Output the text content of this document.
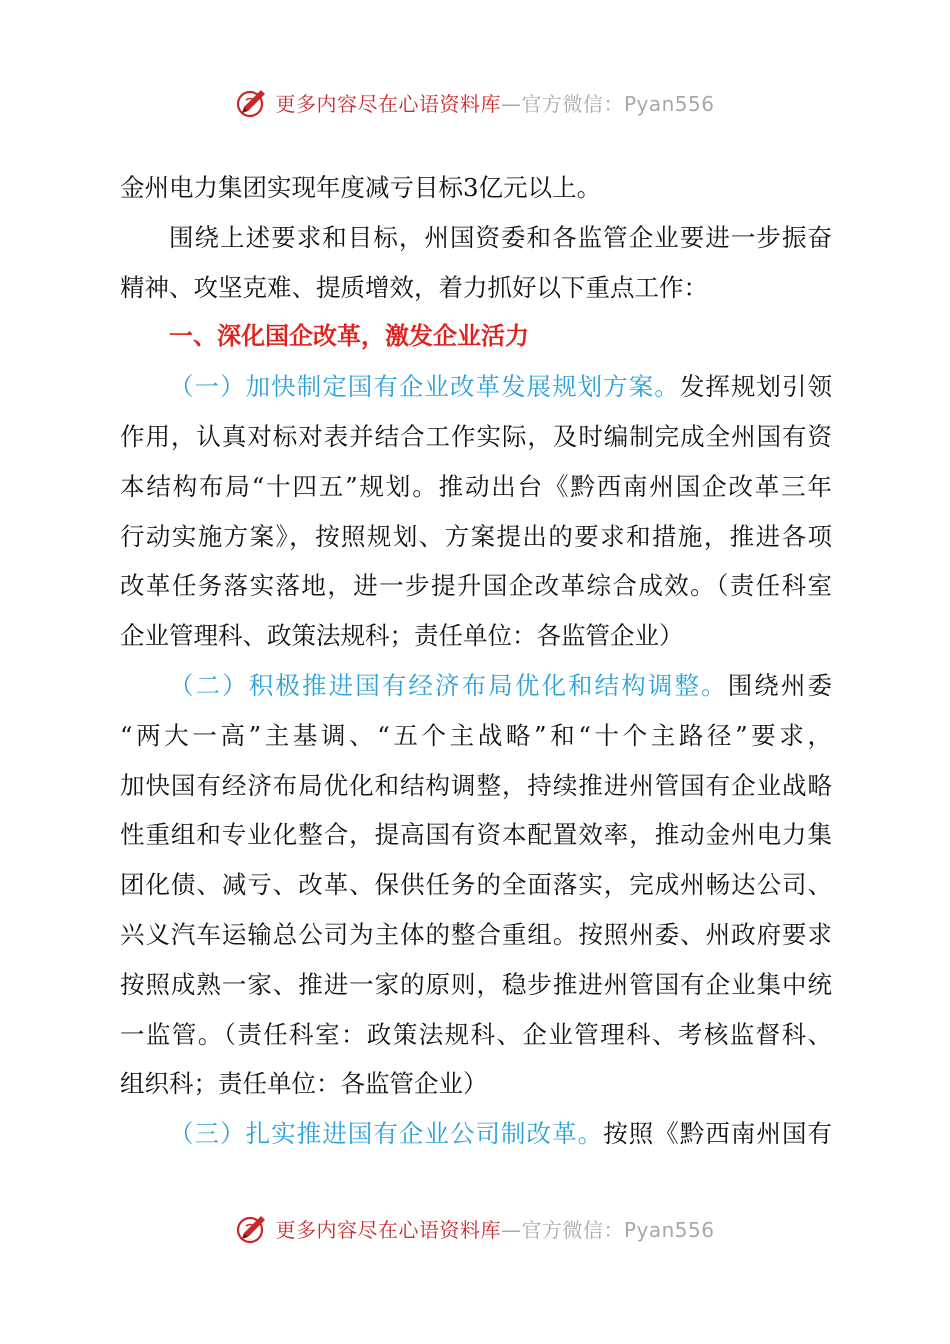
更多内容尽在心语资料库—官方微信：Pyan556
金州电力集团实现年度减亏目标3亿元以上。
围绕上述要求和目标，州国资委和各监管企业要进一步振奋
精神、攻坚克难、提质增效，着力抓好以下重点工作：
一、深化国企改革，激发企业活力
（一）加快制定国有企业改革发展规划方案。发挥规划引领
作用，认真对标对表并结合工作实际，及时编制完成全州国有资
本结构布局“十四五”规划。推动出台《黔西南州国企改革三年
行动实施方案》，按照规划、方案提出的要求和措施，推进各项
改革任务落实落地，进一步提升国企改革综合成效。（责任科室
企业管理科、政策法规科；责任单位：各监管企业）
（二）积极推进国有经济布局优化和结构调整。围绕州委
“两大一高”主基调、“五个主战略”和“十个主路径”要求，
加快国有经济布局优化和结构调整，持续推进州管国有企业战略
性重组和专业化整合，提高国有资本配置效率，推动金州电力集
团化债、减亏、改革、保供任务的全面落实，完成州畅达公司、
兴义汽车运输总公司为主体的整合重组。按照州委、州政府要求
按照成熟一家、推进一家的原则，稳步推进州管国有企业集中统
一监管。（责任科室：政策法规科、企业管理科、考核监督科、
组织科；责任单位：各监管企业）
（三）扎实推进国有企业公司制改革。按照《黔西南州国有
更多内容尽在心语资料库—官方微信：Pyan556
